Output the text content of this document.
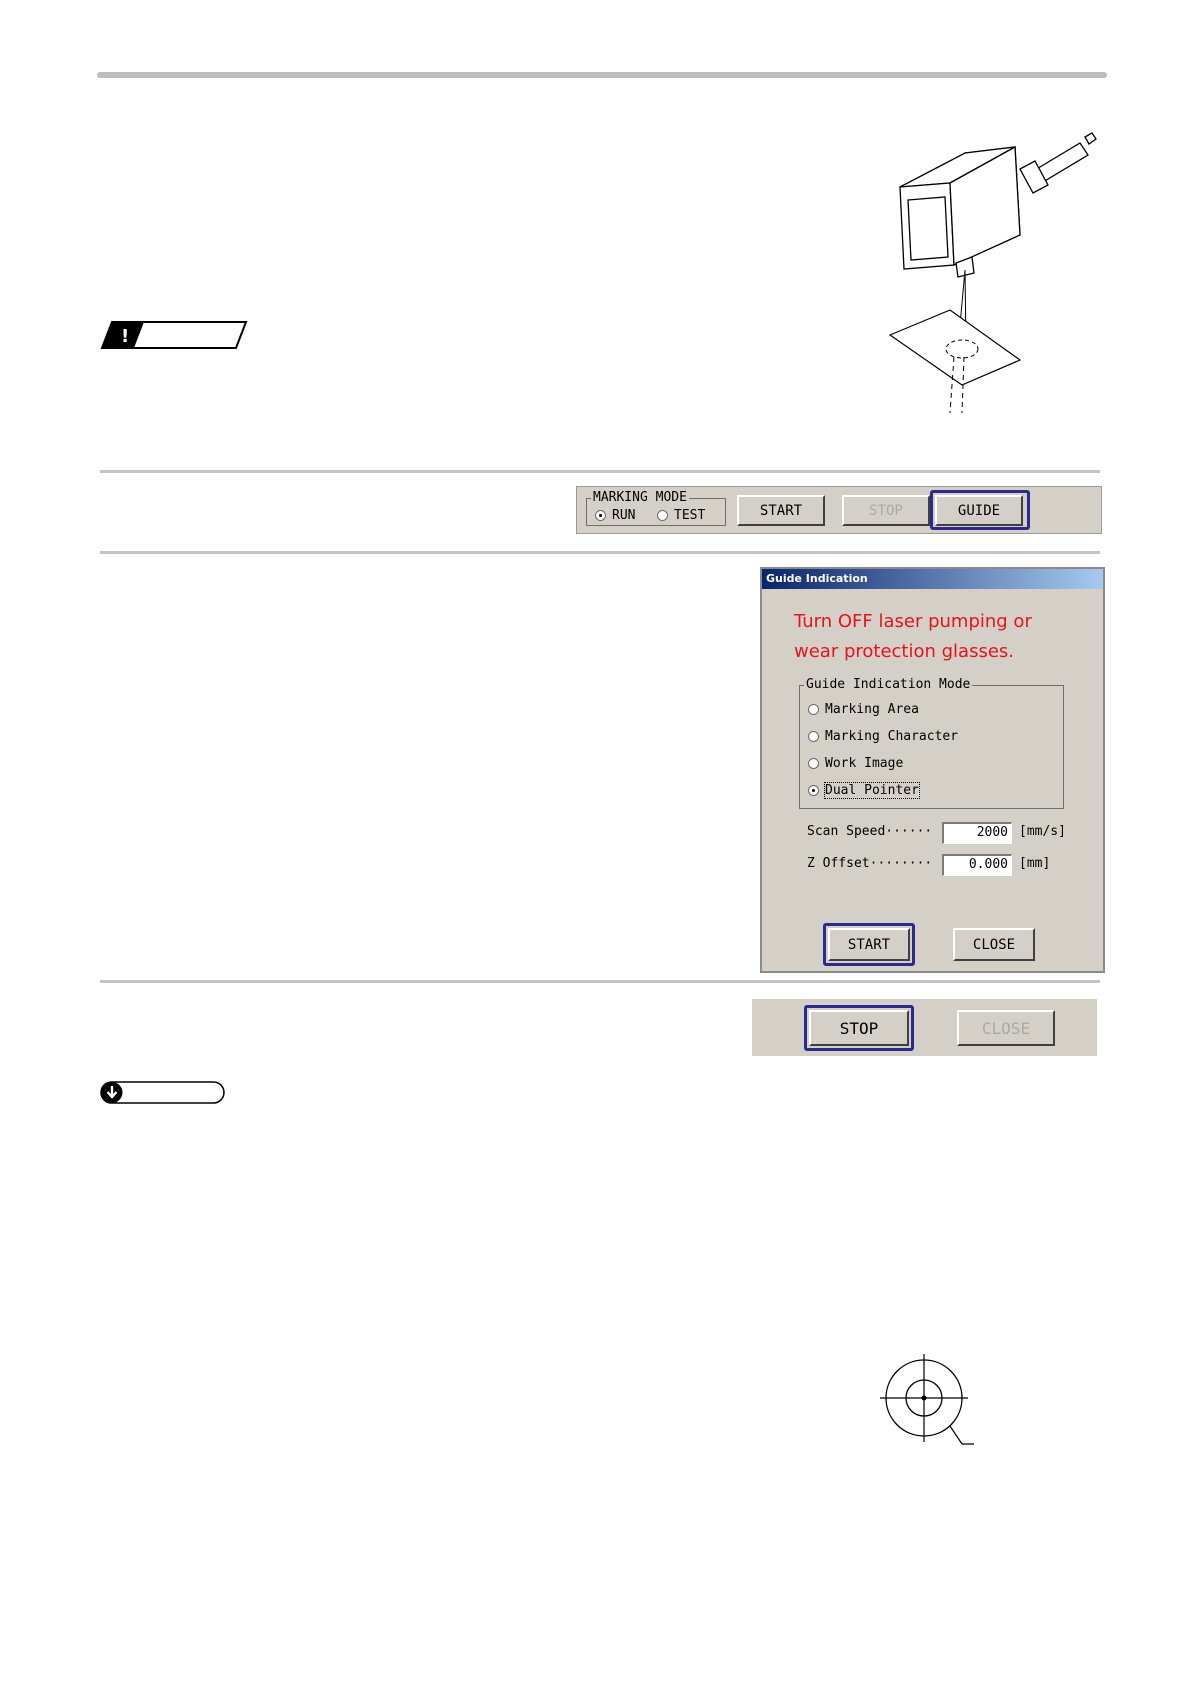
!
MARKING MODE
RUN	TEST	START	STOP	GUIDE
Guide Indication
Turn OFF laser pumping or
wear protection glasses.
Guide Indication Mode
Marking Area
Marking Character
Work Image
Dual Pointer
Scan Speed······	2000 [mm/s]
Z Offset········	0.000 [mm]
START	CLOSE
STOP	CLOSE
